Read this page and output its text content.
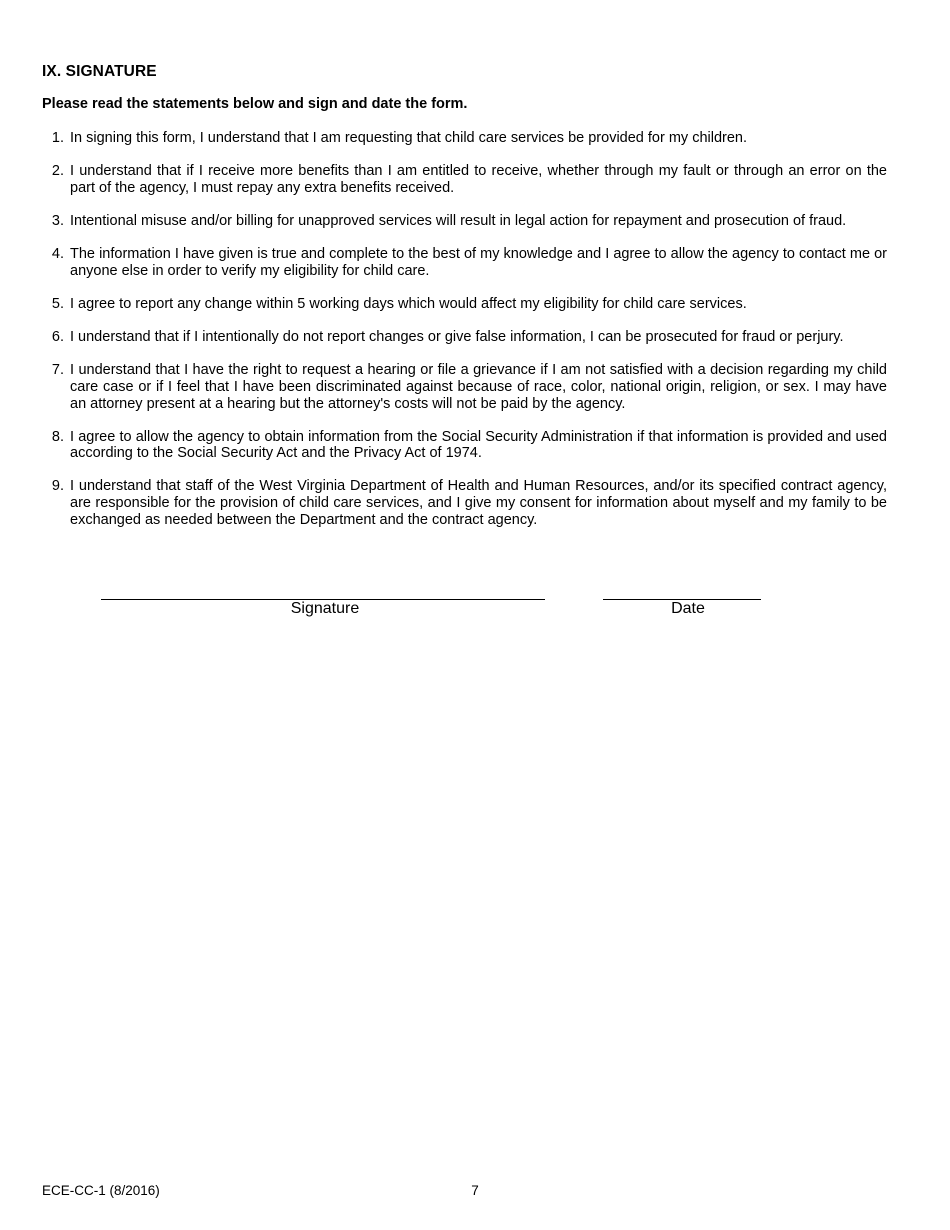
IX. SIGNATURE
Please read the statements below and sign and date the form.
1. In signing this form, I understand that I am requesting that child care services be provided for my children.
2. I understand that if I receive more benefits than I am entitled to receive, whether through my fault or through an error on the part of the agency, I must repay any extra benefits received.
3. Intentional misuse and/or billing for unapproved services will result in legal action for repayment and prosecution of fraud.
4. The information I have given is true and complete to the best of my knowledge and I agree to allow the agency to contact me or anyone else in order to verify my eligibility for child care.
5. I agree to report any change within 5 working days which would affect my eligibility for child care services.
6. I understand that if I intentionally do not report changes or give false information, I can be prosecuted for fraud or perjury.
7. I understand that I have the right to request a hearing or file a grievance if I am not satisfied with a decision regarding my child care case or if I feel that I have been discriminated against because of race, color, national origin, religion, or sex. I may have an attorney present at a hearing but the attorney's costs will not be paid by the agency.
8. I agree to allow the agency to obtain information from the Social Security Administration if that information is provided and used according to the Social Security Act and the Privacy Act of 1974.
9. I understand that staff of the West Virginia Department of Health and Human Resources, and/or its specified contract agency, are responsible for the provision of child care services, and I give my consent for information about myself and my family to be exchanged as needed between the Department and the contract agency.
Signature	Date
ECE-CC-1 (8/2016)	7
